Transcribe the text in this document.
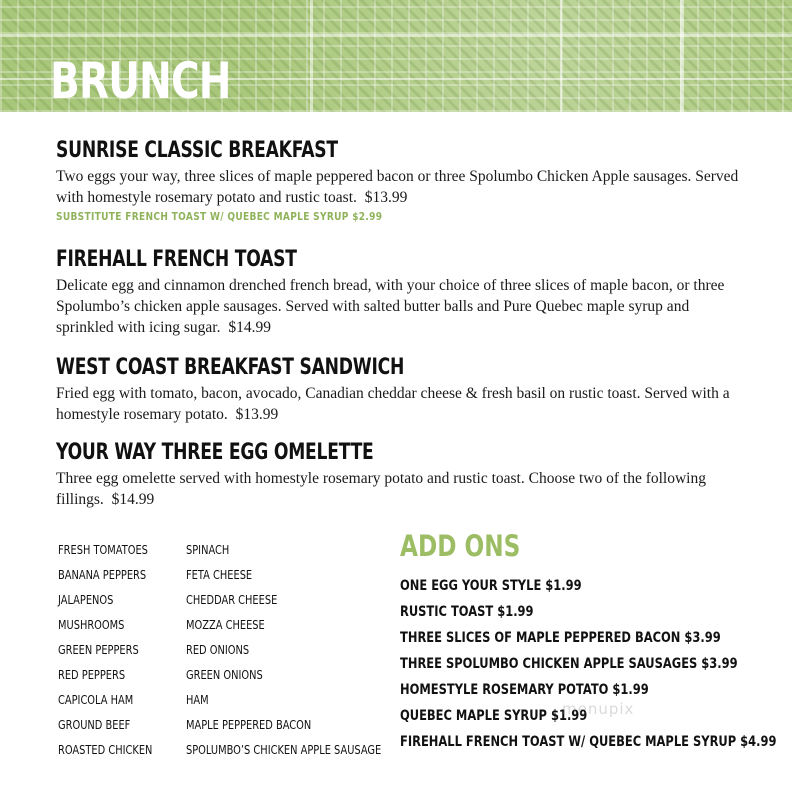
BRUNCH
SUNRISE CLASSIC BREAKFAST
Two eggs your way, three slices of maple peppered bacon or three Spolumbo Chicken Apple sausages. Served with homestyle rosemary potato and rustic toast. $13.99
SUBSTITUTE FRENCH TOAST W/ QUEBEC MAPLE SYRUP $2.99
FIREHALL FRENCH TOAST
Delicate egg and cinnamon drenched french bread, with your choice of three slices of maple bacon, or three Spolumbo’s chicken apple sausages. Served with salted butter balls and Pure Quebec maple syrup and sprinkled with icing sugar. $14.99
WEST COAST BREAKFAST SANDWICH
Fried egg with tomato, bacon, avocado, Canadian cheddar cheese & fresh basil on rustic toast. Served with a homestyle rosemary potato. $13.99
YOUR WAY THREE EGG OMELETTE
Three egg omelette served with homestyle rosemary potato and rustic toast. Choose two of the following fillings. $14.99
FRESH TOMATOES
BANANA PEPPERS
JALAPENOS
MUSHROOMS
GREEN PEPPERS
RED PEPPERS
CAPICOLA HAM
GROUND BEEF
ROASTED CHICKEN
SPINACH
FETA CHEESE
CHEDDAR CHEESE
MOZZA CHEESE
RED ONIONS
GREEN ONIONS
HAM
MAPLE PEPPERED BACON
SPOLUMBO’S CHICKEN APPLE SAUSAGE
ADD ONS
ONE EGG YOUR STYLE $1.99
RUSTIC TOAST $1.99
THREE SLICES OF MAPLE PEPPERED BACON $3.99
THREE SPOLUMBO CHICKEN APPLE SAUSAGES $3.99
HOMESTYLE ROSEMARY POTATO $1.99
QUEBEC MAPLE SYRUP $1.99
FIREHALL FRENCH TOAST W/ QUEBEC MAPLE SYRUP $4.99
menupix
